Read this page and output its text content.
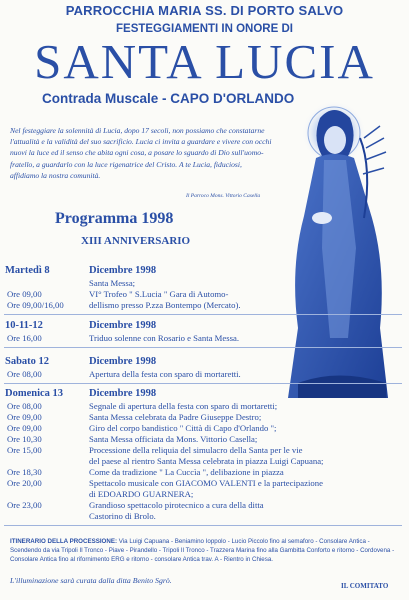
PARROCCHIA MARIA SS. DI PORTO SALVO
FESTEGGIAMENTI IN ONORE DI
SANTA LUCIA
Contrada Muscale - CAPO D'ORLANDO
Nel festeggiare la solennità di Lucia, dopo 17 secoli, non possiamo che constatarne l'attualità e la validità del suo sacrificio. Lucia ci invita a guardare e vivere con occhi nuovi la luce ed il senso che abita ogni cosa, a posare lo sguardo di Dio sull'uomo-fratello, a guardarlo con la luce rigenatrice del Cristo. A te Lucia, fiduciosi, affidiamo la nostra comunità.
Il Parroco Mons. Vittorio Casella
Programma 1998
XIII ANNIVERSARIO
Martedì 8	Dicembre 1998
Santa Messa;
Ore 09,00	VI° Trofeo " S.Lucia " Gara di Automo-
Ore 09,00/16,00	dellismo presso P.zza Bontempo (Mercato).
10-11-12	Dicembre 1998
Ore 16,00	Triduo solenne con Rosario e Santa Messa.
Sabato 12	Dicembre 1998
Ore 08,00	Apertura della festa con sparo di mortaretti.
Domenica 13 Dicembre 1998
Ore 08,00	Segnale di apertura della festa con sparo di mortaretti;
Ore 09,00	Santa Messa celebrata da Padre Giuseppe Destro;
Ore 09,00	Giro del corpo bandistico " Città di Capo d'Orlando ";
Ore 10,30	Santa Messa officiata da Mons. Vittorio Casella;
Ore 15,00	Processione della reliquia del simulacro della Santa per le vie
del paese al rientro Santa Messa celebrata in piazza Luigi Capuana;
Ore 18,30	Come da tradizione " La Cuccìa ", delibazione in piazza
Ore 20,00	Spettacolo musicale con GIACOMO VALENTI e la partecipazione
di EDOARDO GUARNERA;
Ore 23,00	Grandioso spettacolo pirotecnico a cura della ditta
Castorino di Brolo.
ITINERARIO DELLA PROCESSIONE: Via Luigi Capuana - Beniamino Ioppolo - Lucio Piccolo fino al semaforo - Consolare Antica - Scendendo da via Tripoli Il Tronco - Piave - Pirandello - Tripoli Il Tronco - Trazzera Marina fino alla Gambitta Conforto e ritorno - Cordovena - Consolare Antica fino al rifornimento ERG e ritorno - consolare Antica trav. A - Rientro in Chiesa.
L'illuminazione sarà curata dalla ditta Benito Sgrò.
IL COMITATO
